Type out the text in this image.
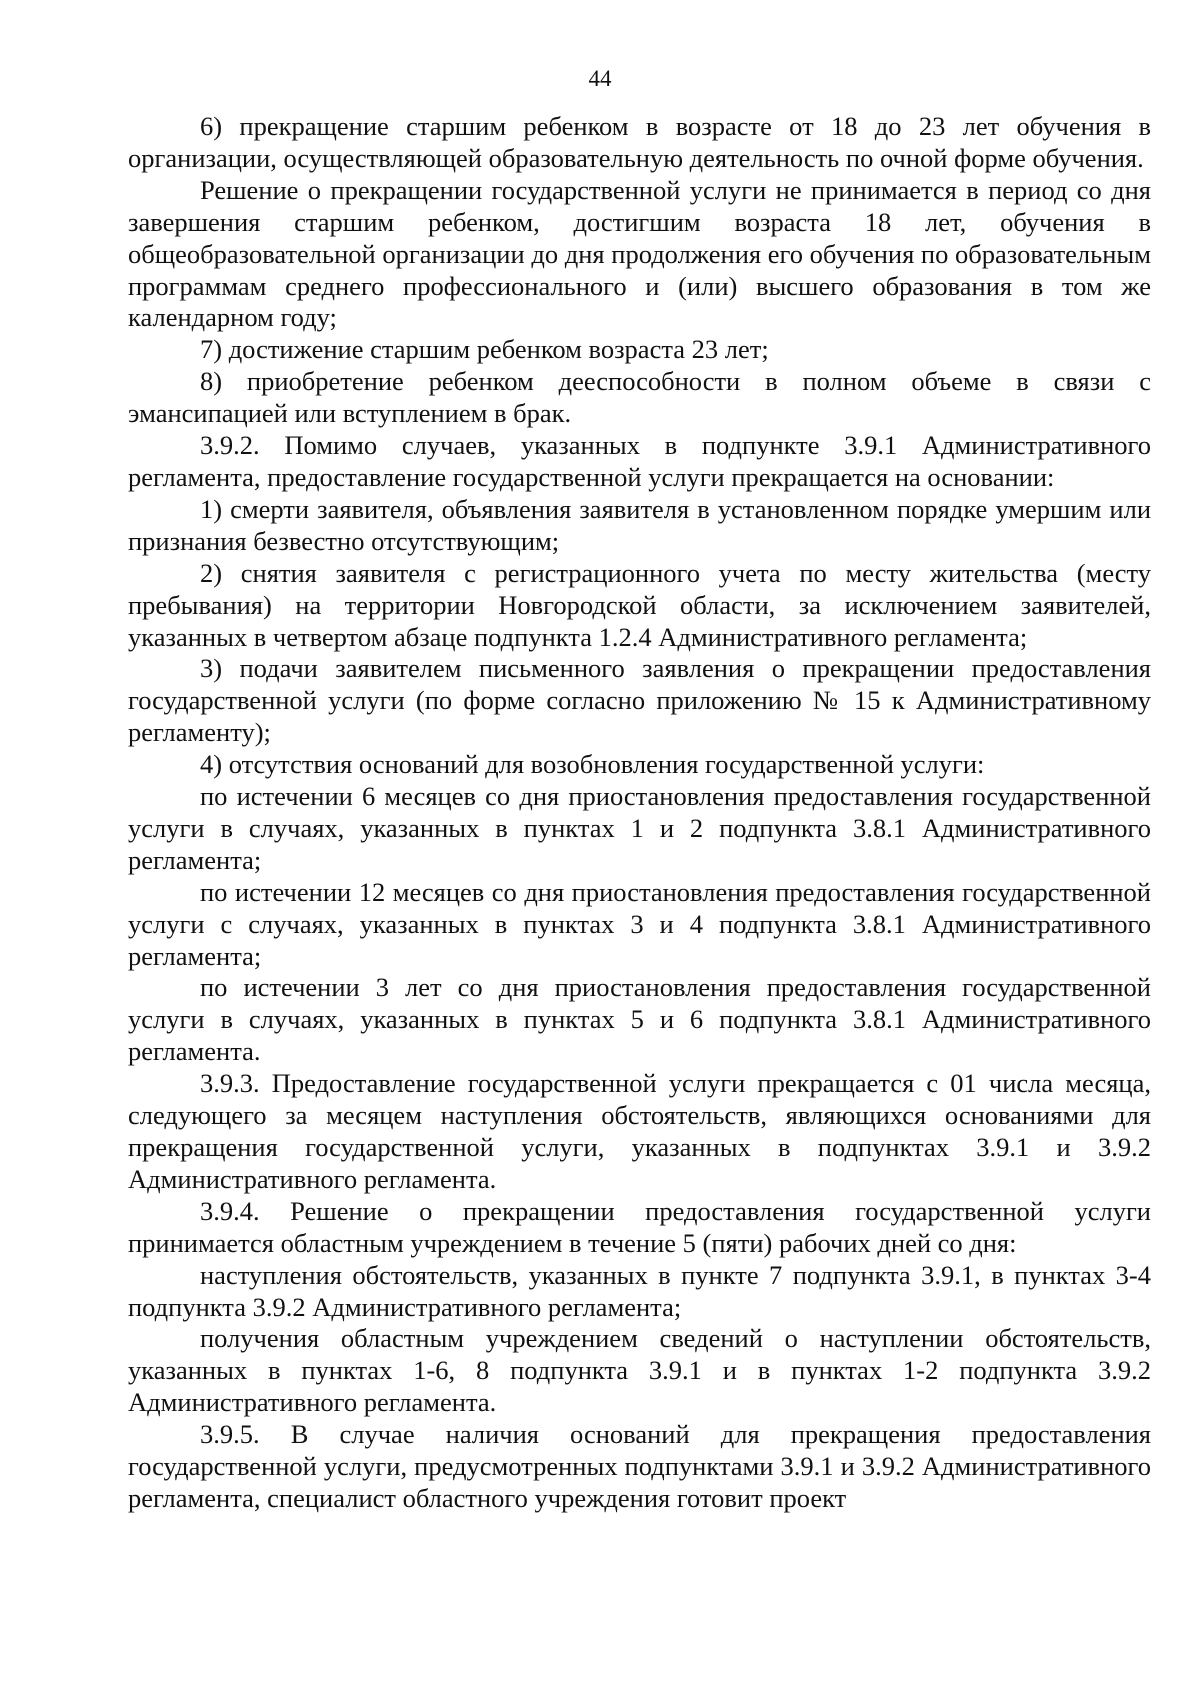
44

6) прекращение старшим ребенком в возрасте от 18 до 23 лет обучения в организации, осуществляющей образовательную деятельность по очной форме обучения.

Решение о прекращении государственной услуги не принимается в период со дня завершения старшим ребенком, достигшим возраста 18 лет, обучения в общеобразовательной организации до дня продолжения его обучения по образовательным программам среднего профессионального и (или) высшего образования в том же календарном году;

7) достижение старшим ребенком возраста 23 лет;

8) приобретение ребенком дееспособности в полном объеме в связи с эмансипацией или вступлением в брак.

3.9.2. Помимо случаев, указанных в подпункте 3.9.1 Административного регламента, предоставление государственной услуги прекращается на основании:

1) смерти заявителя, объявления заявителя в установленном порядке умершим или признания безвестно отсутствующим;

2) снятия заявителя с регистрационного учета по месту жительства (месту пребывания) на территории Новгородской области, за исключением заявителей, указанных в четвертом абзаце подпункта 1.2.4 Административного регламента;

3) подачи заявителем письменного заявления о прекращении предоставления государственной услуги (по форме согласно приложению № 15 к Административному регламенту);

4) отсутствия оснований для возобновления государственной услуги:

по истечении 6 месяцев со дня приостановления предоставления государственной услуги в случаях, указанных в пунктах 1 и 2 подпункта 3.8.1 Административного регламента;

по истечении 12 месяцев со дня приостановления предоставления государственной услуги с случаях, указанных в пунктах 3 и 4 подпункта 3.8.1 Административного регламента;

по истечении 3 лет со дня приостановления предоставления государственной услуги в случаях, указанных в пунктах 5 и 6 подпункта 3.8.1 Административного регламента.

3.9.3. Предоставление государственной услуги прекращается с 01 числа месяца, следующего за месяцем наступления обстоятельств, являющихся основаниями для прекращения государственной услуги, указанных в подпунктах 3.9.1 и 3.9.2 Административного регламента.

3.9.4. Решение о прекращении предоставления государственной услуги принимается областным учреждением в течение 5 (пяти) рабочих дней со дня:

наступления обстоятельств, указанных в пункте 7 подпункта 3.9.1, в пунктах 3-4 подпункта 3.9.2 Административного регламента;

получения областным учреждением сведений о наступлении обстоятельств, указанных в пунктах 1-6, 8 подпункта 3.9.1 и в пунктах 1-2 подпункта 3.9.2 Административного регламента.

3.9.5. В случае наличия оснований для прекращения предоставления государственной услуги, предусмотренных подпунктами 3.9.1 и 3.9.2 Административного регламента, специалист областного учреждения готовит проект
